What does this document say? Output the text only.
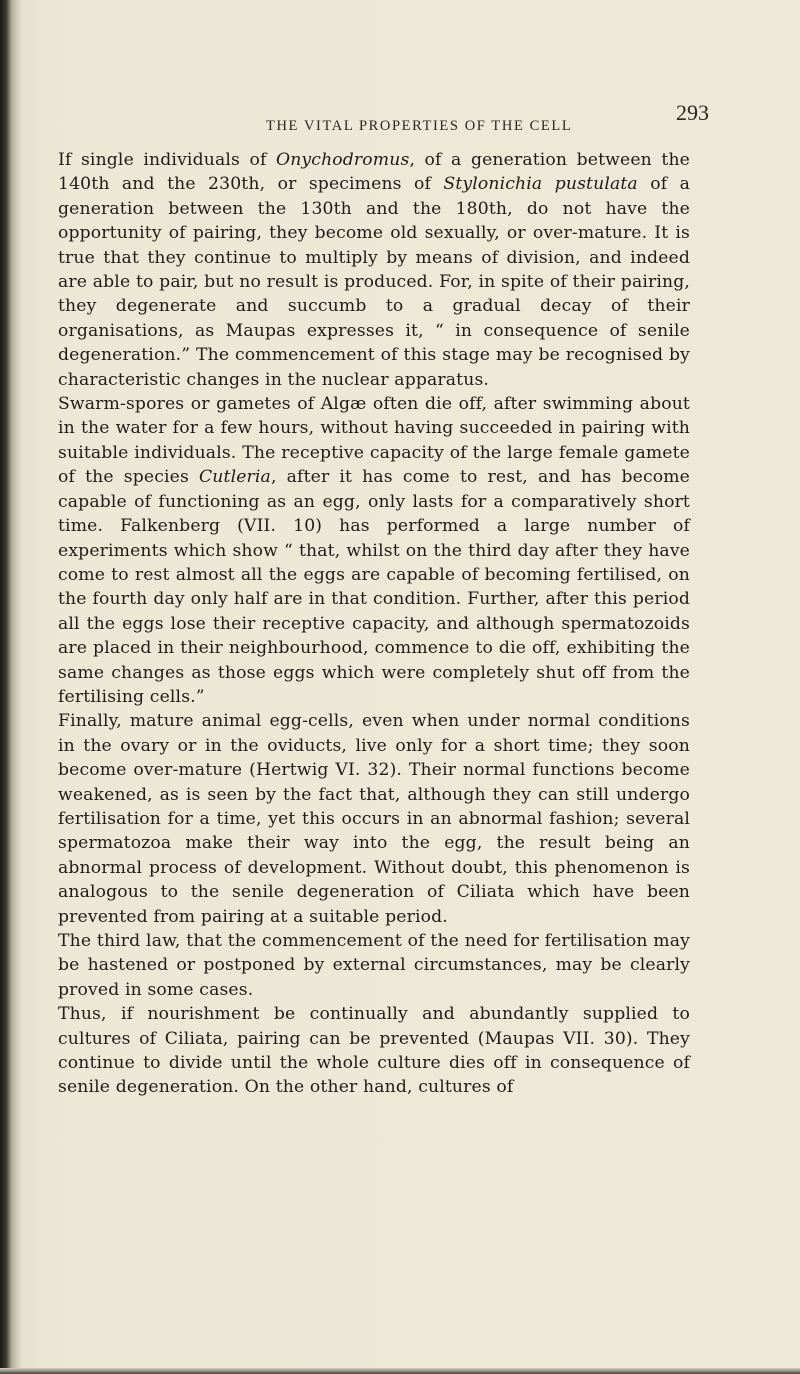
THE VITAL PROPERTIES OF THE CELL
293

If single individuals of Onychodromus, of a generation between the 140th and the 230th, or specimens of Stylonichia pustulata of a generation between the 130th and the 180th, do not have the opportunity of pairing, they become old sexually, or over-mature. It is true that they continue to multiply by means of division, and indeed are able to pair, but no result is produced. For, in spite of their pairing, they degenerate and succumb to a gradual decay of their organisations, as Maupas expresses it, “ in consequence of senile degeneration.” The commencement of this stage may be recognised by characteristic changes in the nuclear apparatus.

Swarm-spores or gametes of Algæ often die off, after swimming about in the water for a few hours, without having succeeded in pairing with suitable individuals. The receptive capacity of the large female gamete of the species Cutleria, after it has come to rest, and has become capable of functioning as an egg, only lasts for a comparatively short time. Falkenberg (VII. 10) has performed a large number of experiments which show “ that, whilst on the third day after they have come to rest almost all the eggs are capable of becoming fertilised, on the fourth day only half are in that condition. Further, after this period all the eggs lose their receptive capacity, and although spermatozoids are placed in their neighbourhood, commence to die off, exhibiting the same changes as those eggs which were completely shut off from the fertilising cells.”

Finally, mature animal egg-cells, even when under normal conditions in the ovary or in the oviducts, live only for a short time; they soon become over-mature (Hertwig VI. 32). Their normal functions become weakened, as is seen by the fact that, although they can still undergo fertilisation for a time, yet this occurs in an abnormal fashion; several spermatozoa make their way into the egg, the result being an abnormal process of development. Without doubt, this phenomenon is analogous to the senile degeneration of Ciliata which have been prevented from pairing at a suitable period.

The third law, that the commencement of the need for fertilisation may be hastened or postponed by external circumstances, may be clearly proved in some cases.

Thus, if nourishment be continually and abundantly supplied to cultures of Ciliata, pairing can be prevented (Maupas VII. 30). They continue to divide until the whole culture dies off in consequence of senile degeneration. On the other hand, cultures of
